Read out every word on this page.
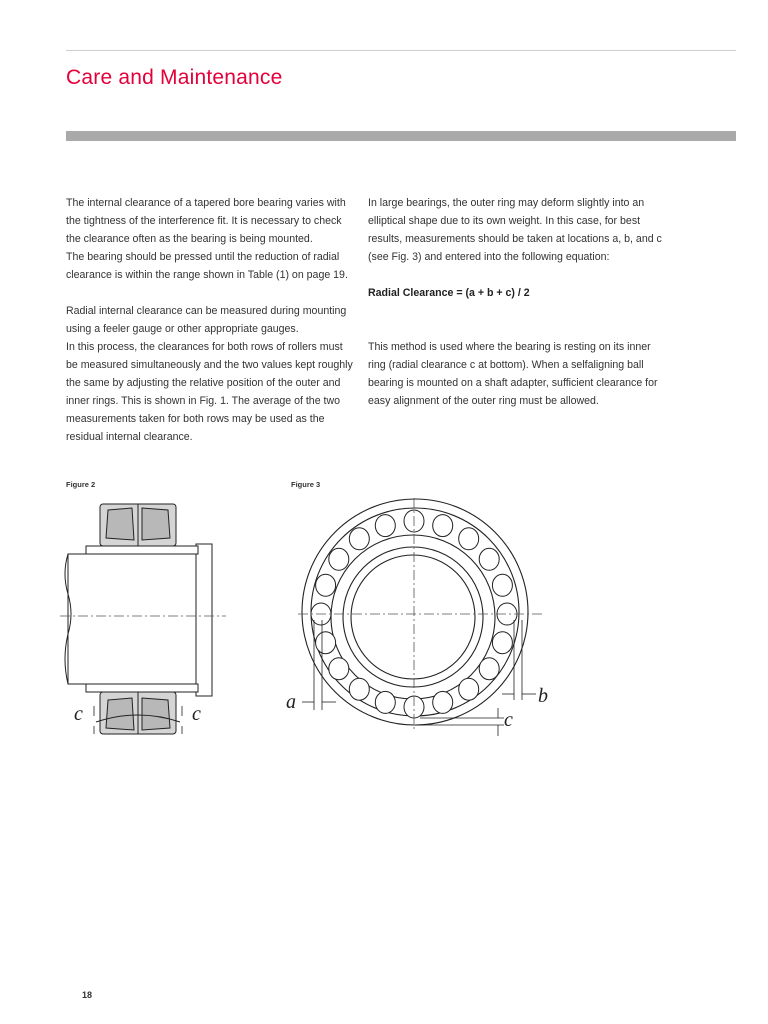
Care and Maintenance

The internal clearance of a tapered bore bearing varies with the tightness of the interference fit. It is necessary to check the clearance often as the bearing is being mounted.

The bearing should be pressed until the reduction of radial clearance is within the range shown in Table (1) on page 19.

Radial internal clearance can be measured during mounting using a feeler gauge or other appropriate gauges.

In this process, the clearances for both rows of rollers must be measured simultaneously and the two values kept roughly the same by adjusting the relative position of the outer and inner rings. This is shown in Fig. 1. The average of the two measurements taken for both rows may be used as the residual internal clearance.

In large bearings, the outer ring may deform slightly into an elliptical shape due to its own weight. In this case, for best results, measurements should be taken at locations a, b, and c (see Fig. 3) and entered into the following equation:

Radial Clearance = (a + b + c) / 2

This method is used where the bearing is resting on its inner ring (radial clearance c at bottom). When a selfaligning ball bearing is mounted on a shaft adapter, sufficient clearance for easy alignment of the outer ring must be allowed.

Figure 2	Figure 3
c	c
a	b
c
18
